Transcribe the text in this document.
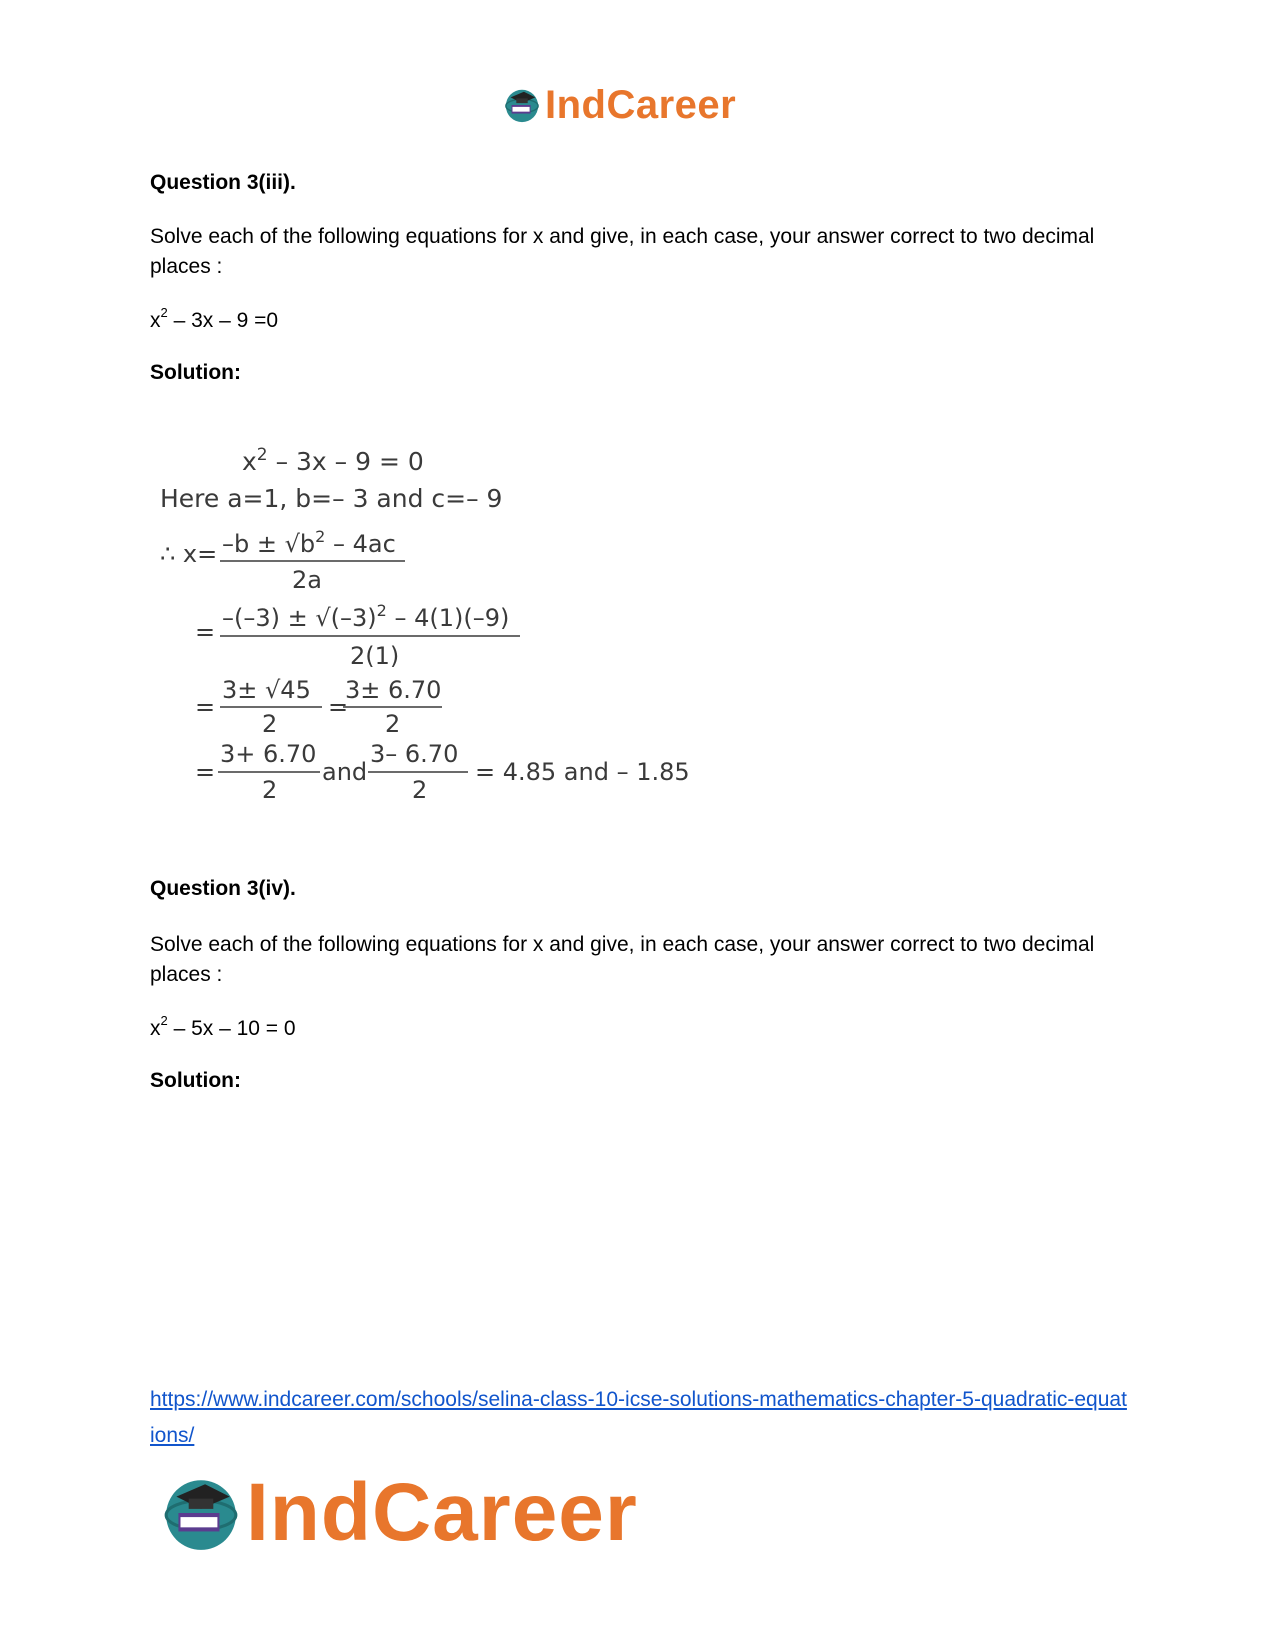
IndCareer
Question 3(iii).
Solve each of the following equations for x and give, in each case, your answer correct to two decimal places :
$x^2 - 3x - 9 =0$
Solution:
$x^2 - 3x - 9 = 0$
Here a=1, b=– 3 and c=– 9
∴ $x= -b \pm √b^2 - 4ac$
2a
= $-(-3) \pm √(-3)^2 - 4(1)(-9)$
2(1)
=
3± √45
2
=
3± 6.70
2
=
3+ 6.70
2
and
3– 6.70
2
= 4.85 and – 1.85
Question 3(iv).
Solve each of the following equations for x and give, in each case, your answer correct to two decimal places :
$x^2 - 5x - 10 = 0$
Solution:
https://www.indcareer.com/schools/selina-class-10-icse-solutions-mathematics-chapter-5-quadratic-equations/
IndCareer
